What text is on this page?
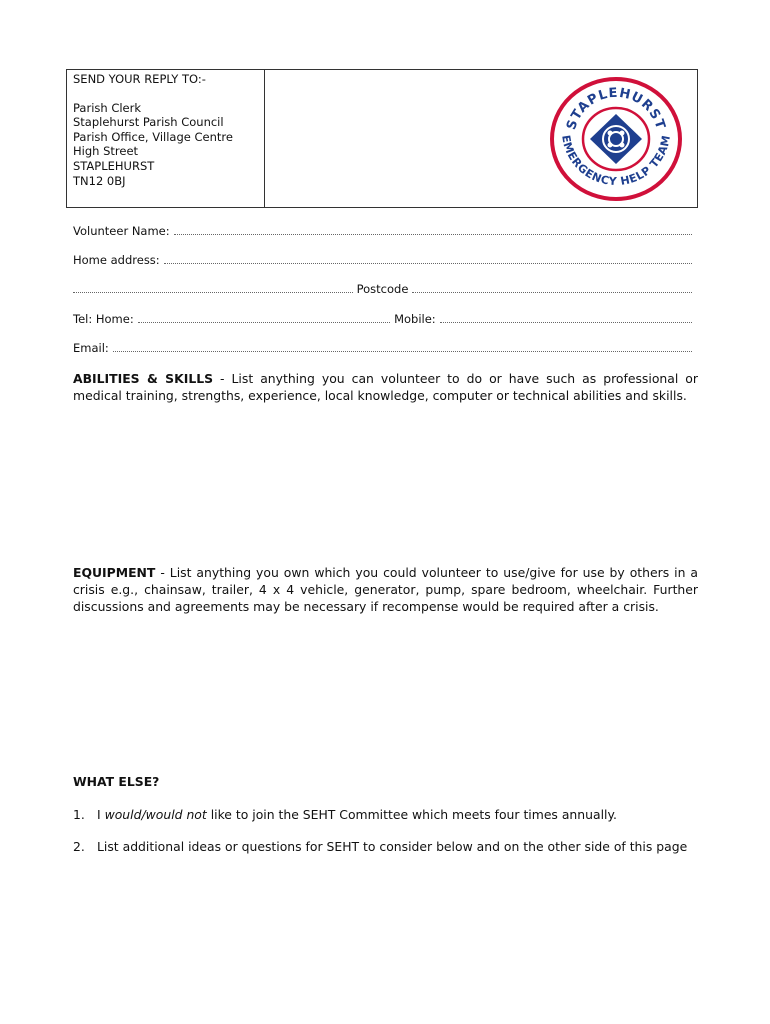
SEND YOUR REPLY TO:-
Parish Clerk
Staplehurst Parish Council
Parish Office, Village Centre
High Street
STAPLEHURST
TN12 0BJ
STAPLEHURST
EMERGENCY HELP TEAM
Volunteer Name:
Home address:
Postcode
Tel: Home:	Mobile:
Email:
ABILITIES & SKILLS - List anything you can volunteer to do or have such as professional or medical training, strengths, experience, local knowledge, computer or technical abilities and skills.
EQUIPMENT - List anything you own which you could volunteer to use/give for use by others in a crisis e.g., chainsaw, trailer, 4 x 4 vehicle, generator, pump, spare bedroom, wheelchair. Further discussions and agreements may be necessary if recompense would be required after a crisis.
WHAT ELSE?
1. I would/would not like to join the SEHT Committee which meets four times annually.
2. List additional ideas or questions for SEHT to consider below and on the other side of this page
